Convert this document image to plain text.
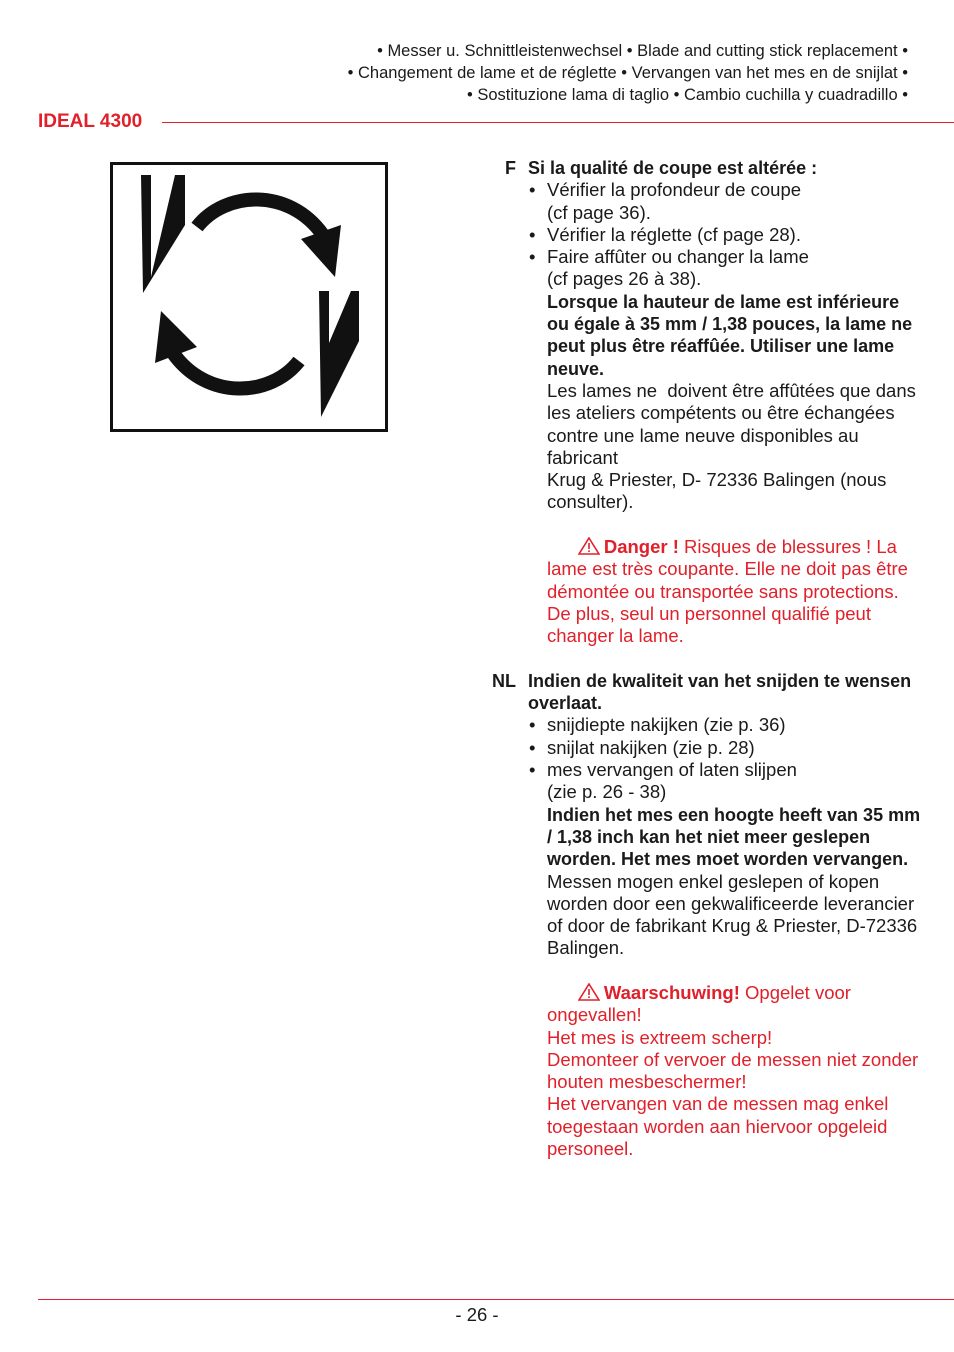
• Messer u. Schnittleistenwechsel • Blade and cutting stick replacement •
• Changement de lame et de réglette • Vervangen van het mes en de snijlat •
• Sostituzione lama di taglio • Cambio cuchilla y cuadradillo •
IDEAL 4300
F Si la qualité de coupe est altérée :
• Vérifier la profondeur de coupe
(cf page 36).
• Vérifier la réglette (cf page 28).
• Faire affûter ou changer la lame
(cf pages 26 à 38).
Lorsque la hauteur de lame est inférieure ou égale à 35 mm / 1,38 pouces, la lame ne peut plus être réaffûée. Utiliser une lame neuve.
Les lames ne  doivent être affûtées que dans les ateliers compétents ou être échangées contre une lame neuve disponibles au fabricant
Krug & Priester, D- 72336 Balingen (nous consulter).

Danger ! Risques de blessures ! La lame est très coupante. Elle ne doit pas être démontée ou transportée sans protections. De plus, seul un personnel qualifié peut changer la lame.

NL Indien de kwaliteit van het snijden te wensen overlaat.
• snijdiepte nakijken (zie p. 36)
• snijlat nakijken (zie p. 28)
• mes vervangen of laten slijpen
(zie p. 26 - 38)
Indien het mes een hoogte heeft van 35 mm / 1,38 inch kan het niet meer geslepen worden. Het mes moet worden vervangen.
Messen mogen enkel geslepen of kopen worden door een gekwalificeerde leverancier of door de fabrikant Krug & Priester, D-72336 Balingen.

Waarschuwing! Opgelet voor ongevallen!
Het mes is extreem scherp!
Demonteer of vervoer de messen niet zonder houten mesbeschermer!
Het vervangen van de messen mag enkel toegestaan worden aan hiervoor opgeleid personeel.

- 26 -
